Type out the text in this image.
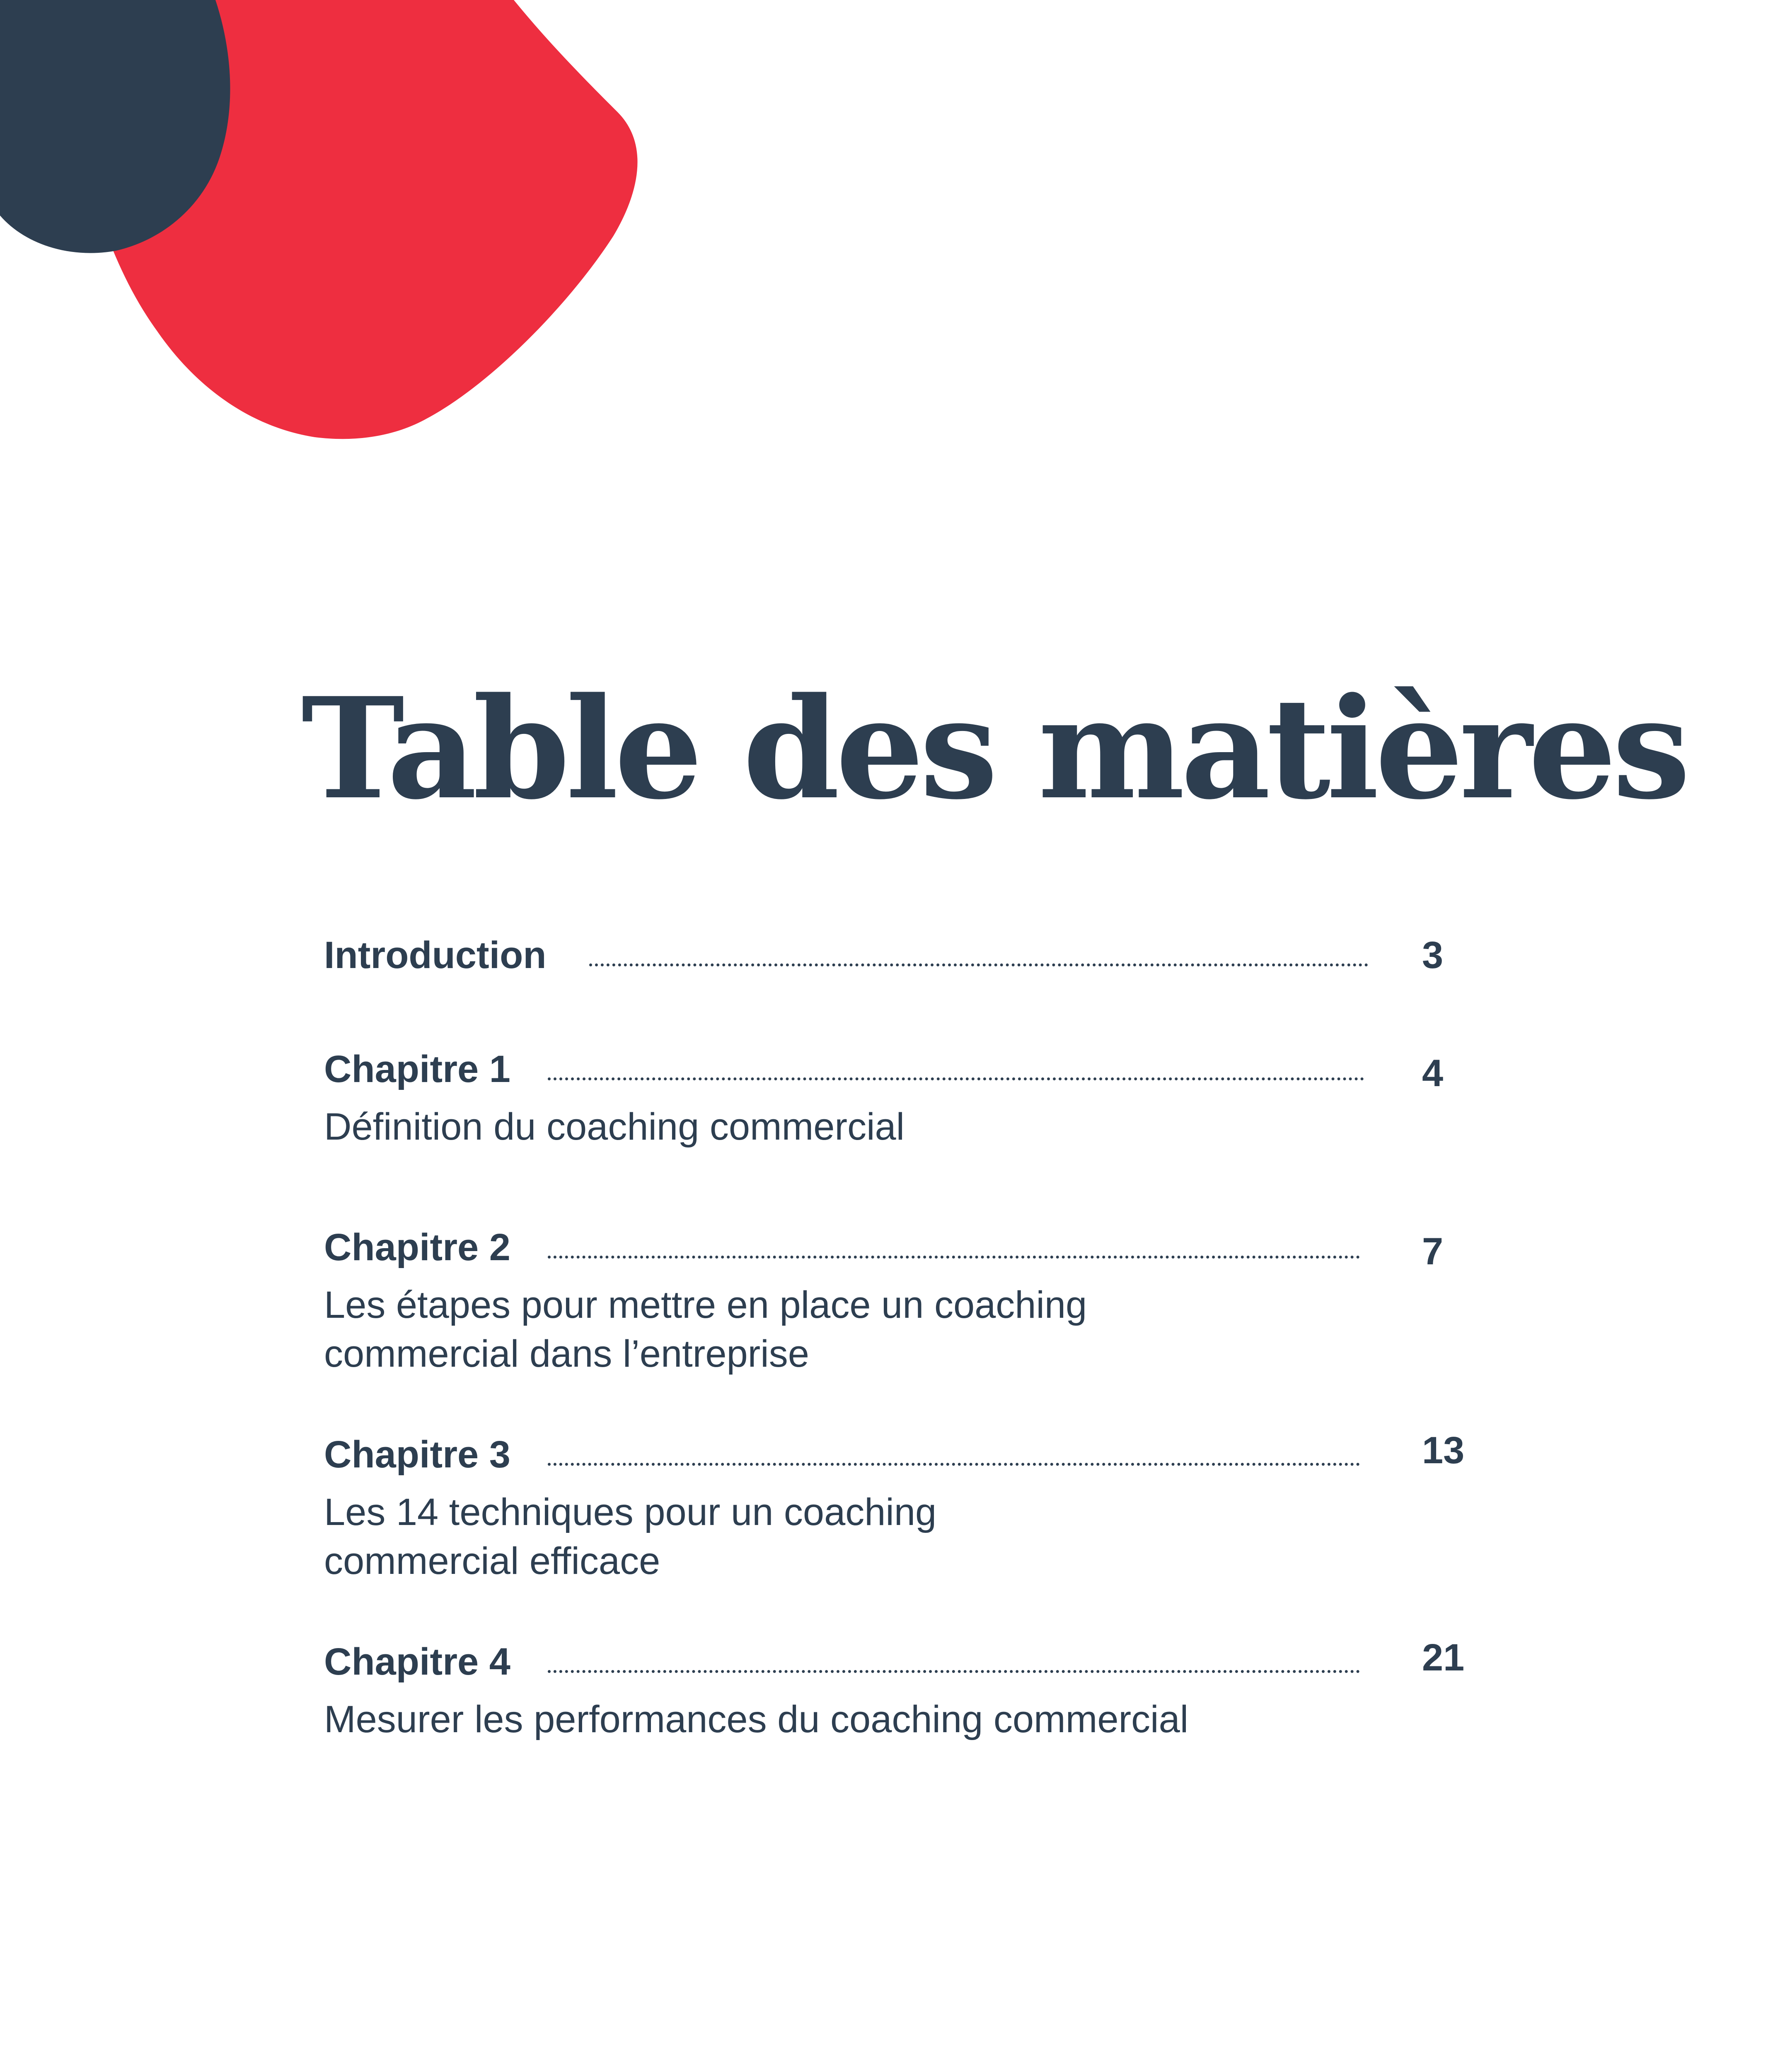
Table des matières
Introduction	3
Chapitre 1	4
Définition du coaching commercial
Chapitre 2	7
Les étapes pour mettre en place un coaching
commercial dans l’entreprise
Chapitre 3	13
Les 14 techniques pour un coaching
commercial efficace
Chapitre 4	21
Mesurer les performances du coaching commercial
